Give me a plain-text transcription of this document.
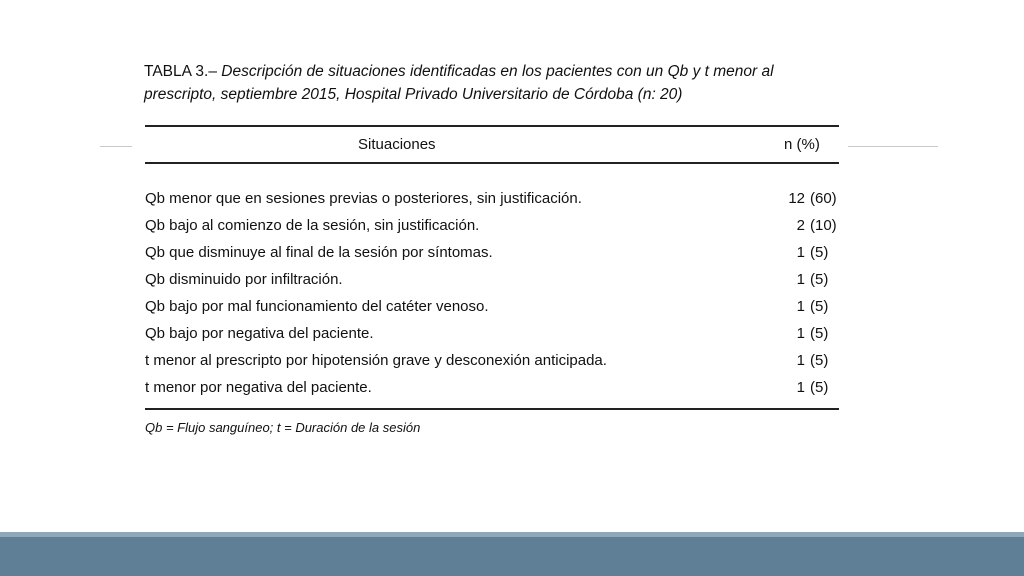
TABLA 3.– Descripción de situaciones identificadas en los pacientes con un Qb y t menor al prescripto, septiembre 2015, Hospital Privado Universitario de Córdoba (n: 20)
Situaciones	n (%)
Qb menor que en sesiones previas o posteriores, sin justificación.	12 (60)
Qb bajo al comienzo de la sesión, sin justificación.	2 (10)
Qb que disminuye al final de la sesión por síntomas.	1 (5)
Qb disminuido por infiltración.	1 (5)
Qb bajo por mal funcionamiento del catéter venoso.	1 (5)
Qb bajo por negativa del paciente.	1 (5)
t menor al prescripto por hipotensión grave y desconexión anticipada.	1 (5)
t menor por negativa del paciente.	1 (5)
Qb = Flujo sanguíneo; t = Duración de la sesión
